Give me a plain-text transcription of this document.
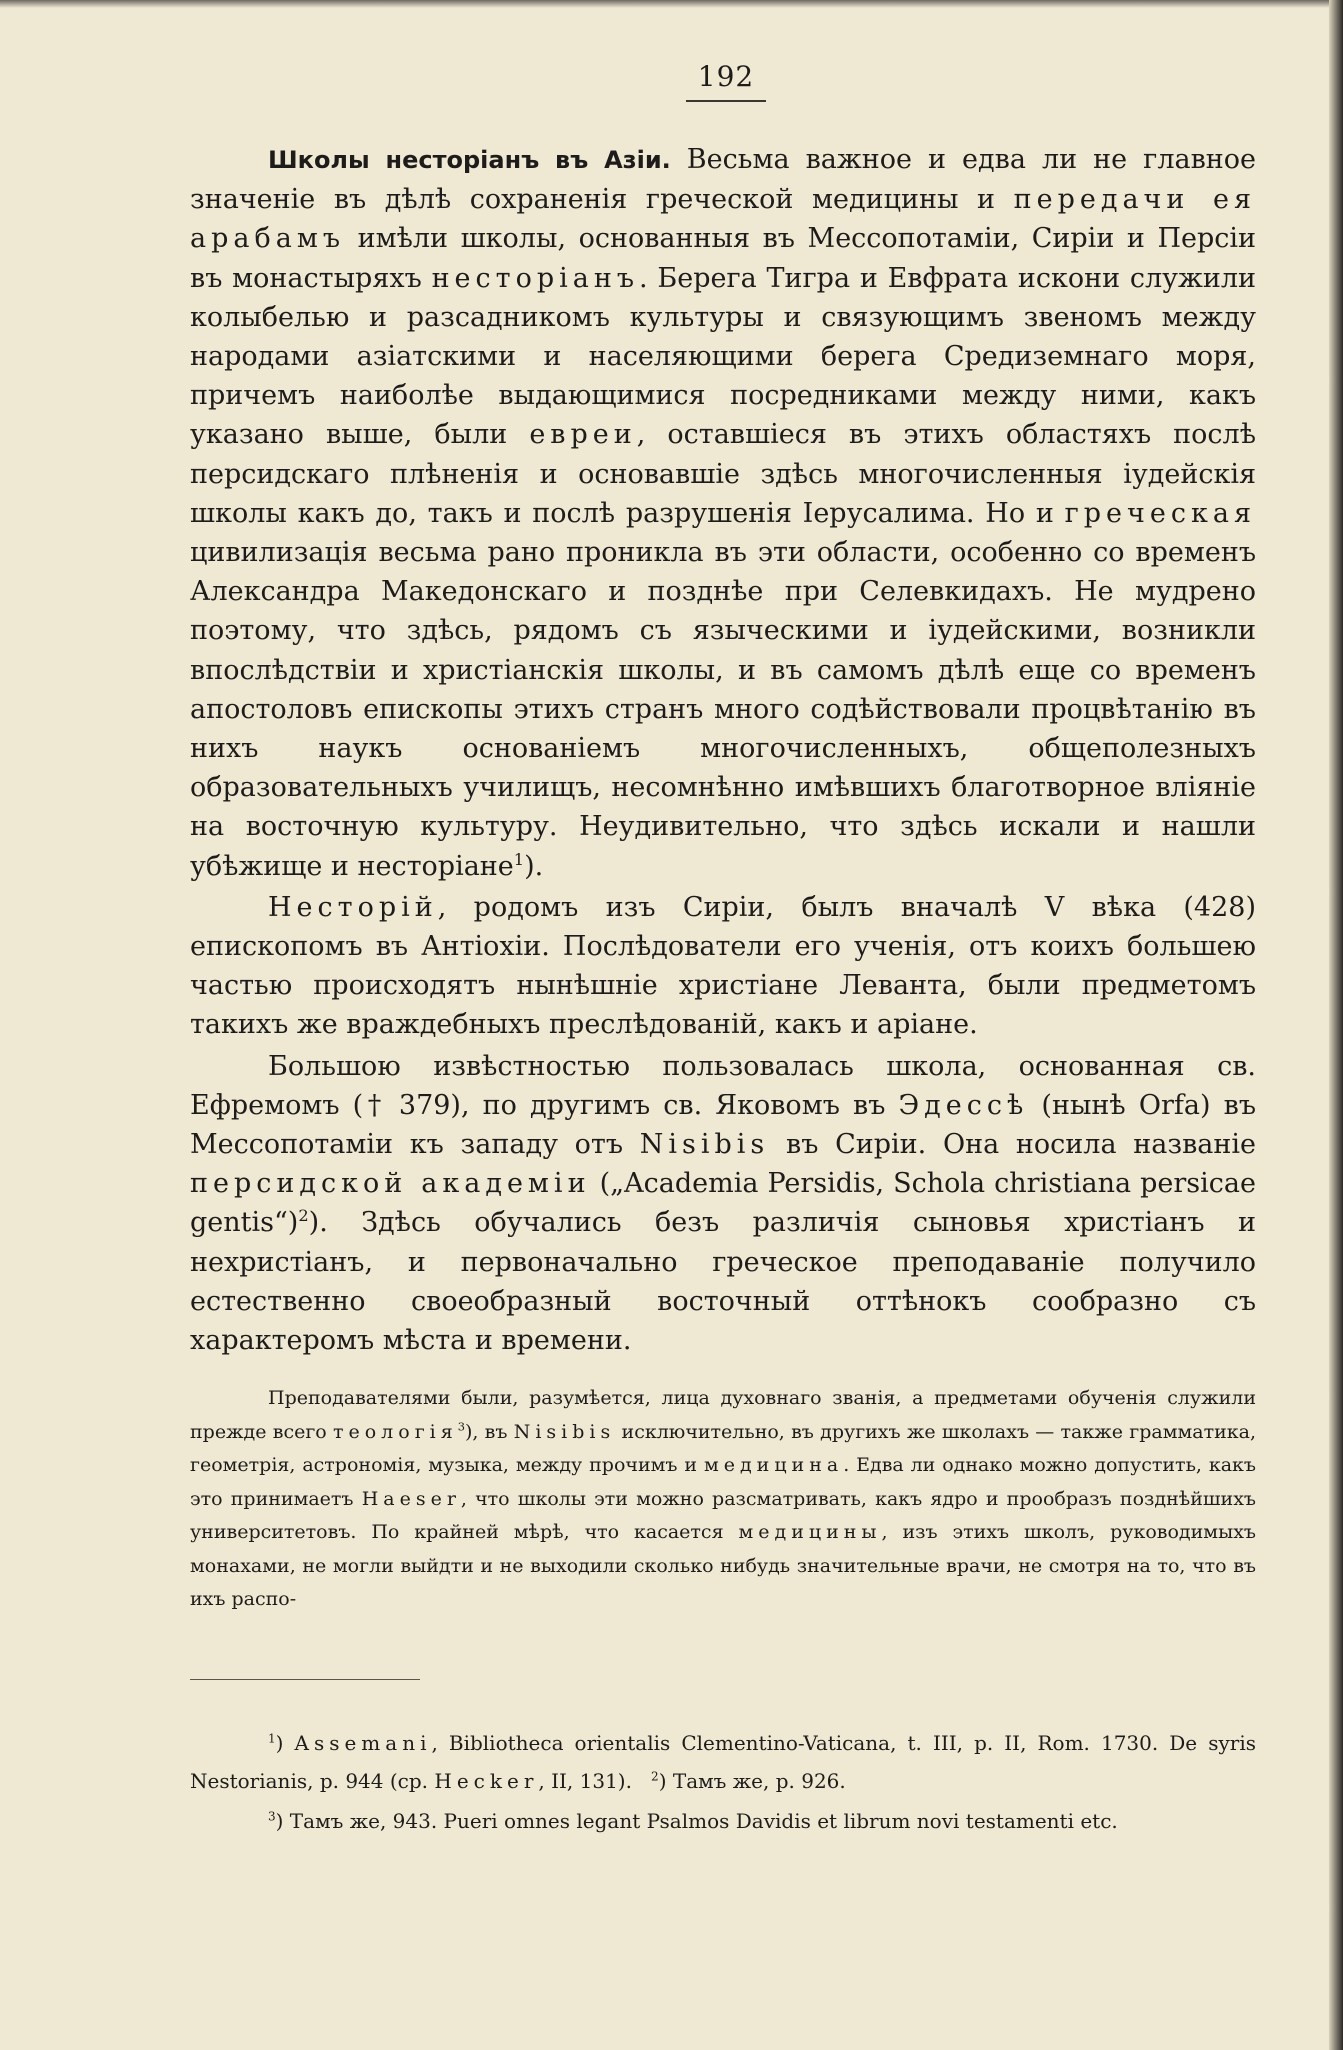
192

Школы несторіанъ въ Азіи. Весьма важное и едва ли не главное значеніе въ дѣлѣ сохраненія греческой медицины и передачи ея арабамъ имѣли школы, основанныя въ Мессопотаміи, Сиріи и Персіи въ монастыряхъ несторіанъ. Берега Тигра и Евфрата искони служили колыбелью и разсадникомъ культуры и связующимъ звеномъ между народами азіатскими и населяющими берега Средиземнаго моря, причемъ наиболѣе выдающимися посредниками между ними, какъ указано выше, были евреи, оставшіеся въ этихъ областяхъ послѣ персидскаго плѣненія и основавшіе здѣсь многочисленныя іудейскія школы какъ до, такъ и послѣ разрушенія Іерусалима. Но и греческая цивилизація весьма рано проникла въ эти области, особенно со временъ Александра Македонскаго и позднѣе при Селевкидахъ. Не мудрено поэтому, что здѣсь, рядомъ съ языческими и іудейскими, возникли впослѣдствіи и христіанскія школы, и въ самомъ дѣлѣ еще со временъ апостоловъ епископы этихъ странъ много содѣйствовали процвѣтанію въ нихъ наукъ основаніемъ многочисленныхъ, общеполезныхъ образовательныхъ училищъ, несомнѣнно имѣвшихъ благотворное вліяніе на восточную культуру. Неудивительно, что здѣсь искали и нашли убѣжище и несторіане$^1$).

Несторій, родомъ изъ Сиріи, былъ вначалѣ V вѣка (428) епископомъ въ Антіохіи. Послѣдователи его ученія, отъ коихъ большею частью происходятъ нынѣшніе христіане Леванта, были предметомъ такихъ же враждебныхъ преслѣдованій, какъ и аріане.

Большою извѣстностью пользовалась школа, основанная св. Ефремомъ († 379), по другимъ св. Яковомъ въ Эдессѣ (нынѣ Orfa) въ Мессопотаміи къ западу отъ Nisibis въ Сиріи. Она носила названіе персидской академіи („Academia Persidis, Schola christiana persicae gentis“)$^2$). Здѣсь обучались безъ различія сыновья христіанъ и нехристіанъ, и первоначально греческое преподаваніе получило естественно своеобразный восточный оттѣнокъ сообразно съ характеромъ мѣста и времени.

Преподавателями были, разумѣется, лица духовнаго званія, а предметами обученія служили прежде всего теологія$^3$), въ Nisibis исключительно, въ другихъ же школахъ — также грамматика, геометрія, астрономія, музыка, между прочимъ и медицина. Едва ли однако можно допустить, какъ это принимаетъ Haeser, что школы эти можно разсматривать, какъ ядро и прообразъ позднѣйшихъ университетовъ. По крайней мѣрѣ, что касается медицины, изъ этихъ школъ, руководимыхъ монахами, не могли выйдти и не выходили сколько нибудь значительные врачи, не смотря на то, что въ ихъ распо-

$^1$) Assemani, Bibliotheca orientalis Clementino-Vaticana, t. III, p. II, Rom. 1730. De syris Nestorianis, p. 944 (ср. Hecker, II, 131). $^2$) Тамъ же, p. 926.

$^3$) Тамъ же, 943. Pueri omnes legant Psalmos Davidis et librum novi testamenti etc.
